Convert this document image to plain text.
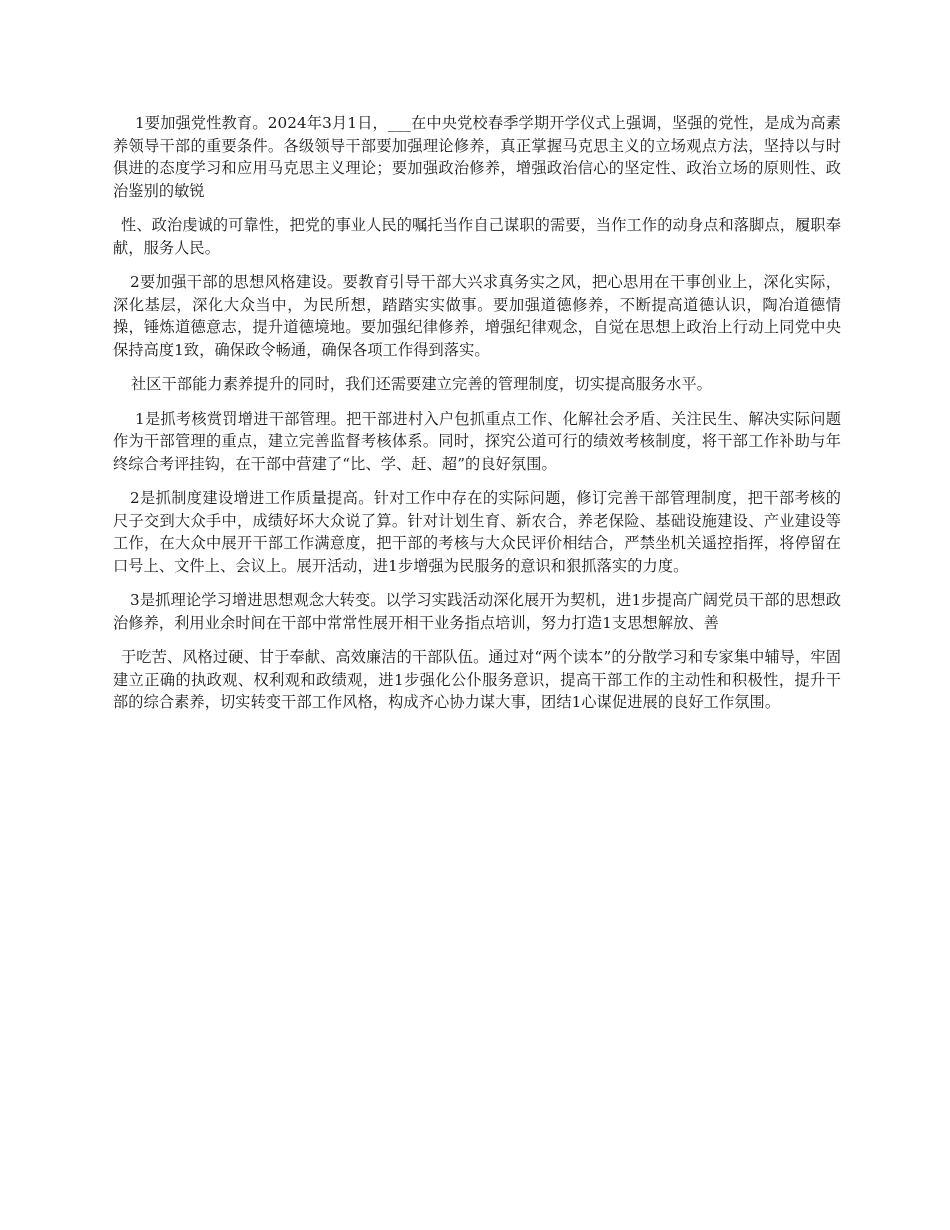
1要加强党性教育。2024年3月1日，___在中央党校春季学期开学仪式上强调，坚强的党性，是成为高素养领导干部的重要条件。各级领导干部要加强理论修养，真正掌握马克思主义的立场观点方法，坚持以与时俱进的态度学习和应用马克思主义理论；要加强政治修养，增强政治信心的坚定性、政治立场的原则性、政治鉴别的敏锐

性、政治虔诚的可靠性，把党的事业人民的嘱托当作自己谋职的需要，当作工作的动身点和落脚点，履职奉献，服务人民。

2要加强干部的思想风格建设。要教育引导干部大兴求真务实之风，把心思用在干事创业上，深化实际，深化基层，深化大众当中，为民所想，踏踏实实做事。要加强道德修养，不断提高道德认识，陶冶道德情操，锤炼道德意志，提升道德境地。要加强纪律修养，增强纪律观念，自觉在思想上政治上行动上同党中央保持高度1致，确保政令畅通，确保各项工作得到落实。

社区干部能力素养提升的同时，我们还需要建立完善的管理制度，切实提高服务水平。

1是抓考核赏罚增进干部管理。把干部进村入户包抓重点工作、化解社会矛盾、关注民生、解决实际问题作为干部管理的重点，建立完善监督考核体系。同时，探究公道可行的绩效考核制度，将干部工作补助与年终综合考评挂钩，在干部中营建了“比、学、赶、超”的良好氛围。

2是抓制度建设增进工作质量提高。针对工作中存在的实际问题，修订完善干部管理制度，把干部考核的尺子交到大众手中，成绩好坏大众说了算。针对计划生育、新农合，养老保险、基础设施建设、产业建设等工作，在大众中展开干部工作满意度，把干部的考核与大众民评价相结合，严禁坐机关遥控指挥，将停留在口号上、文件上、会议上。展开活动，进1步增强为民服务的意识和狠抓落实的力度。

3是抓理论学习增进思想观念大转变。以学习实践活动深化展开为契机，进1步提高广阔党员干部的思想政治修养，利用业余时间在干部中常常性展开相干业务指点培训，努力打造1支思想解放、善

于吃苦、风格过硬、甘于奉献、高效廉洁的干部队伍。通过对“两个读本”的分散学习和专家集中辅导，牢固建立正确的执政观、权利观和政绩观，进1步强化公仆服务意识，提高干部工作的主动性和积极性，提升干部的综合素养，切实转变干部工作风格，构成齐心协力谋大事，团结1心谋促进展的良好工作氛围。
